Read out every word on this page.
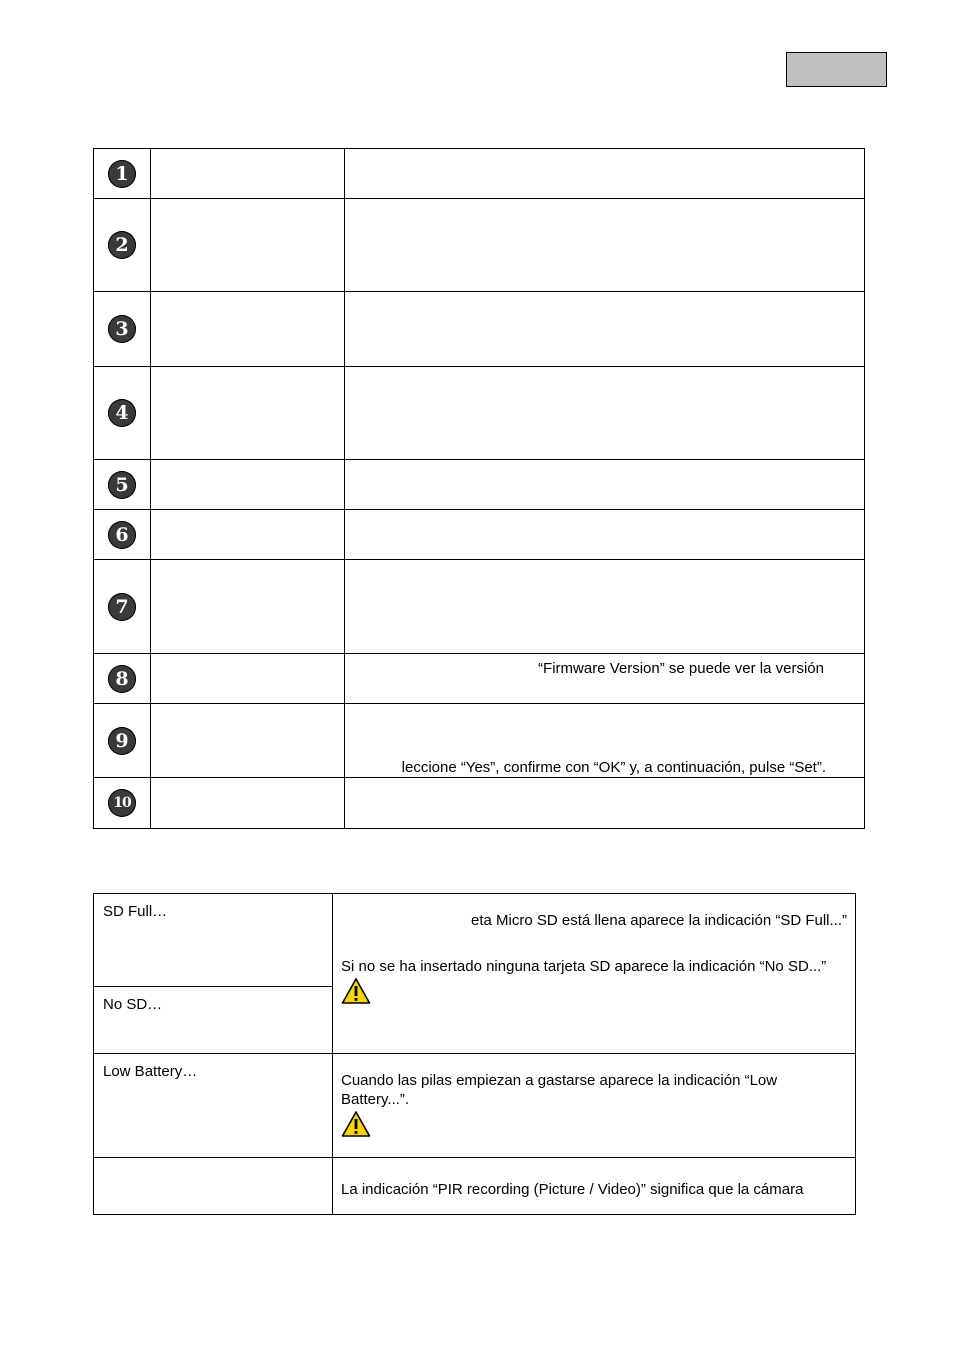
1		
2		
3		
4		
5		
6		
7		
8		“Firmware Version” se puede ver la versión

9		leccione “Yes”, confirme con “OK” y, a continuación, pulse “Set”.

10		
SD Full…	eta Micro SD está llena aparece la indicación “SD Full...”
Si no se ha insertado ninguna tarjeta SD aparece la indicación “No SD...”

No SD…	
Low Battery…	Cuando las pilas empiezan a gastarse aparece la indicación “Low Battery...”.

	La indicación “PIR recording (Picture / Video)” significa que la cámara
